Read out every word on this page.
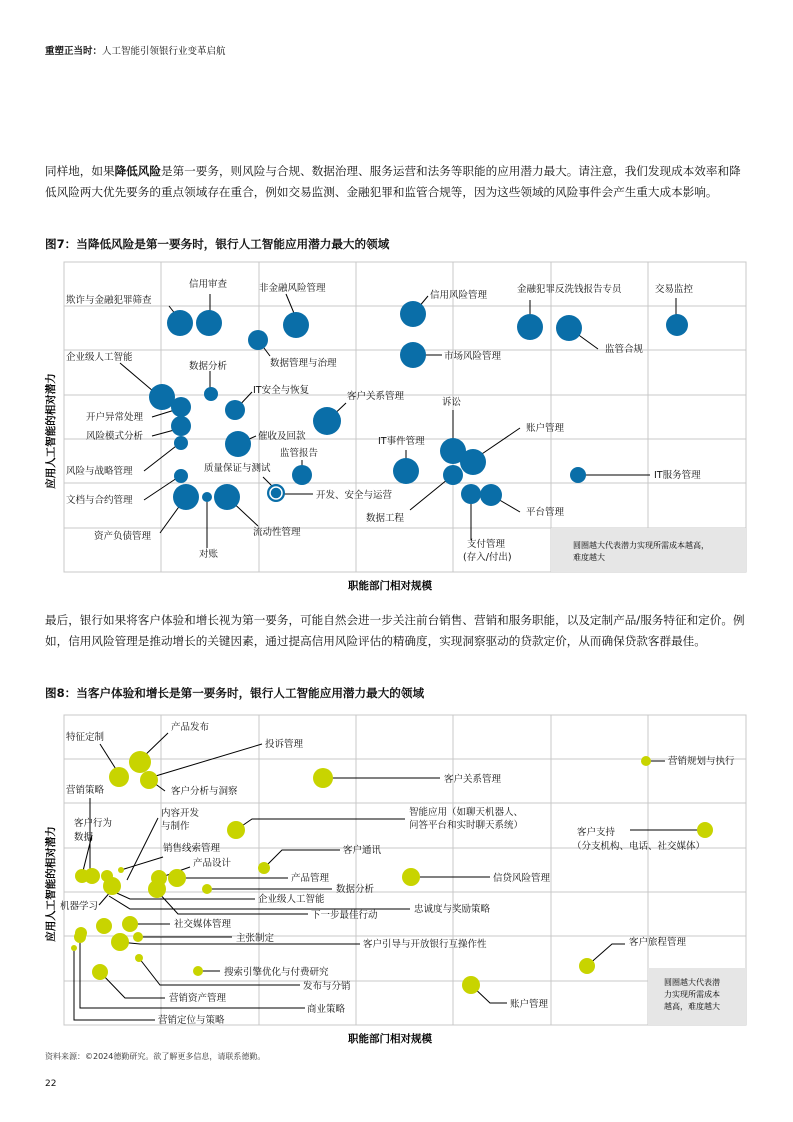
重塑正当时：人工智能引领银行业变革启航
同样地，如果降低风险是第一要务，则风险与合规、数据治理、服务运营和法务等职能的应用潜力最大。请注意，我们发现成本效率和降低风险两大优先要务的重点领域存在重合，例如交易监测、金融犯罪和监管合规等，因为这些领域的风险事件会产生重大成本影响。
图7：当降低风险是第一要务时，银行人工智能应用潜力最大的领域
圆圈越大代表潜力实现所需成本越高，
难度越大
应用人工智能的相对潜力
职能部门相对规模
欺诈与金融犯罪筛查
信用审查	非金融风险管理
信用风险管理
金融犯罪反洗钱报告专员	交易监控
企业级人工智能
数据分析	数据管理与治理
市场风险管理
监管合规
IT安全与恢复
客户关系管理
开户异常处理
风险模式分析	催收及回款
诉讼
账户管理
IT事件管理
风险与战略管理
监管报告
质量保证与测试
IT服务管理
文档与合约管理	开发、安全与运营
数据工程
平台管理
资产负债管理	流动性管理
对账
支付管理
(存入/付出)
最后，银行如果将客户体验和增长视为第一要务，可能自然会进一步关注前台销售、营销和服务职能，以及定制产品/服务特征和定价。例如，信用风险管理是推动增长的关键因素，通过提高信用风险评估的精确度，实现洞察驱动的贷款定价，从而确保贷款客群最佳。
图8：当客户体验和增长是第一要务时，银行人工智能应用潜力最大的领域
圆圈越大代表潜
力实现所需成本
越高，难度越大
应用人工智能的相对潜力
职能部门相对规模
特征定制
产品发布
投诉管理
营销规划与执行
营销策略	客户分析与洞察
客户关系管理
客户行为
数据
内容开发
与制作
智能应用（如聊天机器人、
问答平台和实时聊天系统）
客户支持
（分支机构、电话、社交媒体）
销售线索管理	客户通讯
产品设计
产品管理	信贷风险管理
数据分析
企业级人工智能
机器学习	忠诚度与奖励策略
下一步最佳行动
社交媒体管理
主张制定
客户引导与开放银行互操作性	客户旅程管理
搜索引擎优化与付费研究
发布与分销
营销资产管理
商业策略	账户管理
营销定位与策略
资料来源：©2024德勤研究。欲了解更多信息，请联系德勤。
22
